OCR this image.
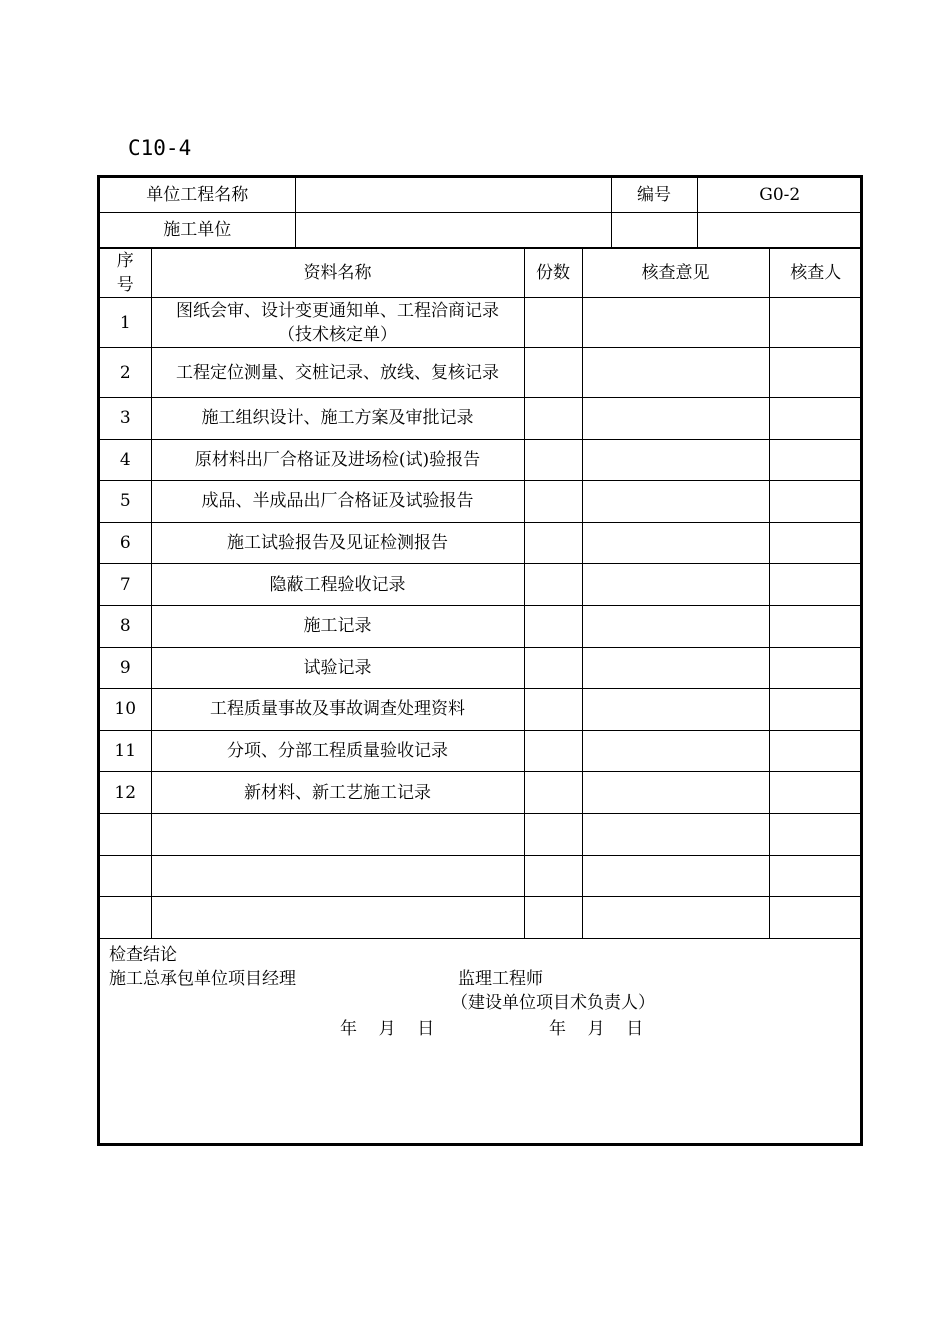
C10-4
单位工程名称		编号	G0-2
施工单位			
序号	资料名称	份数	核查意见	核查人
1	图纸会审、设计变更通知单、工程洽商记录（技术核定单）			

2	工程定位测量、交桩记录、放线、复核记录			

3	施工组织设计、施工方案及审批记录			
4	原材料出厂合格证及进场检(试)验报告			
5	成品、半成品出厂合格证及试验报告			
6	施工试验报告及见证检测报告			
7	隐蔽工程验收记录			
8	施工记录			
9	试验记录			
10	工程质量事故及事故调查处理资料			
11	分项、分部工程质量验收记录			
12	新材料、新工艺施工记录			

检查结论
施工总承包单位项目经理	监理工程师
（建设单位项目术负责人）
年    月    日	年    月    日
